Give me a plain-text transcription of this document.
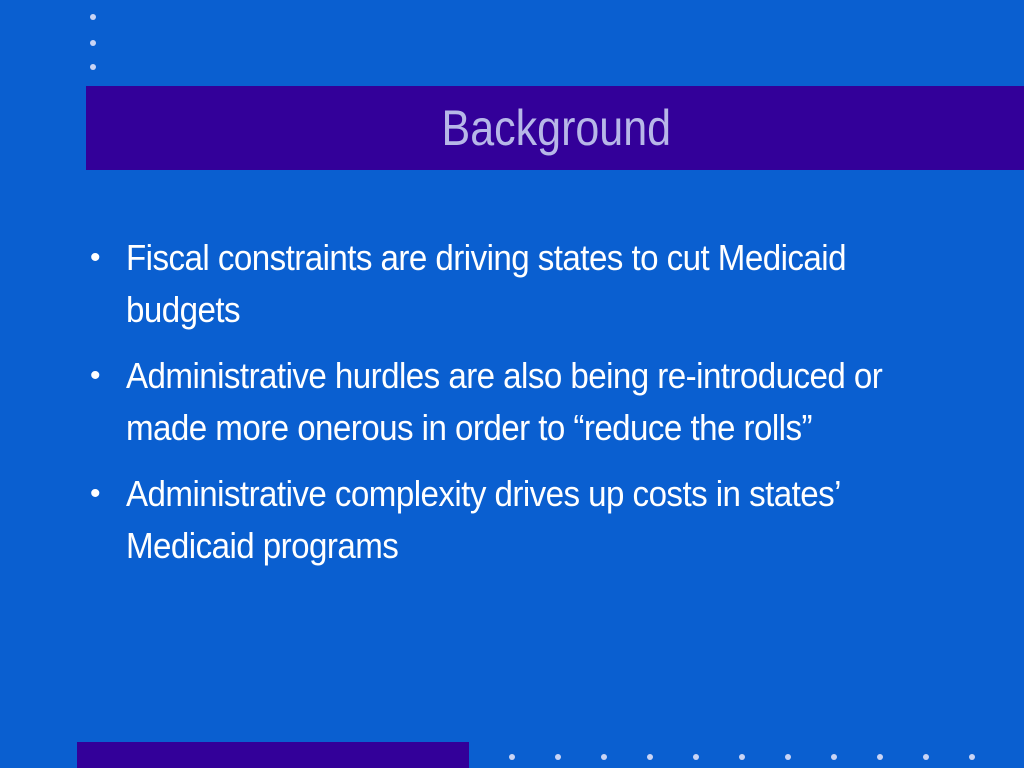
Background
• Fiscal constraints are driving states to cut Medicaid budgets
• Administrative hurdles are also being re-introduced or made more onerous in order to “reduce the rolls”
• Administrative complexity drives up costs in states’ Medicaid programs
